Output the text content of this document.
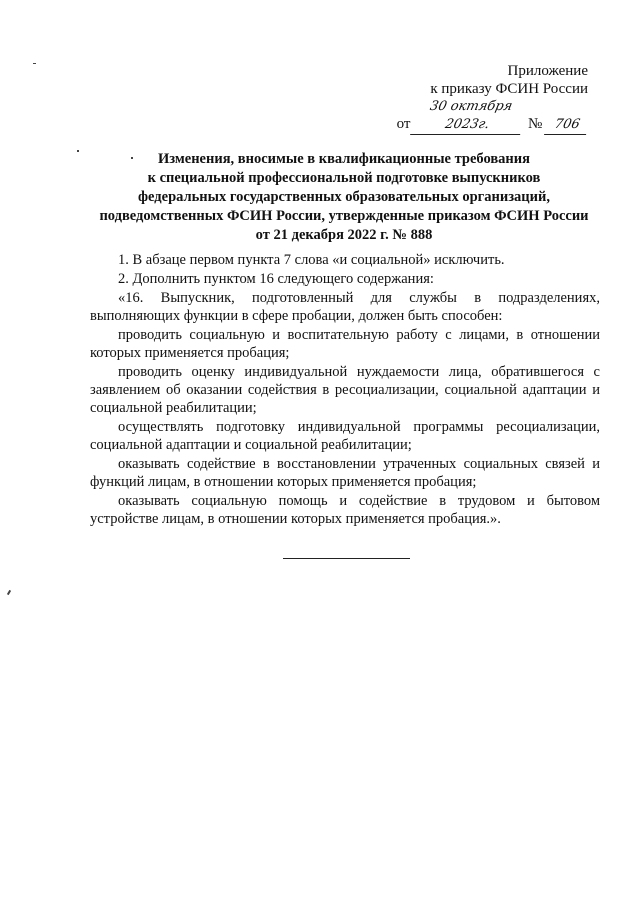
Приложение
к приказу ФСИН России
от 30 октября 2023г. № 706
Изменения, вносимые в квалификационные требования
к специальной профессиональной подготовке выпускников
федеральных государственных образовательных организаций,
подведомственных ФСИН России, утвержденные приказом ФСИН России
от 21 декабря 2022 г. № 888

1. В абзаце первом пункта 7 слова «и социальной» исключить.

2. Дополнить пунктом 16 следующего содержания:

«16. Выпускник, подготовленный для службы в подразделениях, выполняющих функции в сфере пробации, должен быть способен:

проводить социальную и воспитательную работу с лицами, в отношении которых применяется пробация;

проводить оценку индивидуальной нуждаемости лица, обратившегося с заявлением об оказании содействия в ресоциализации, социальной адаптации и социальной реабилитации;

осуществлять подготовку индивидуальной программы ресоциализации, социальной адаптации и социальной реабилитации;

оказывать содействие в восстановлении утраченных социальных связей и функций лицам, в отношении которых применяется пробация;

оказывать социальную помощь и содействие в трудовом и бытовом устройстве лицам, в отношении которых применяется пробация.».
